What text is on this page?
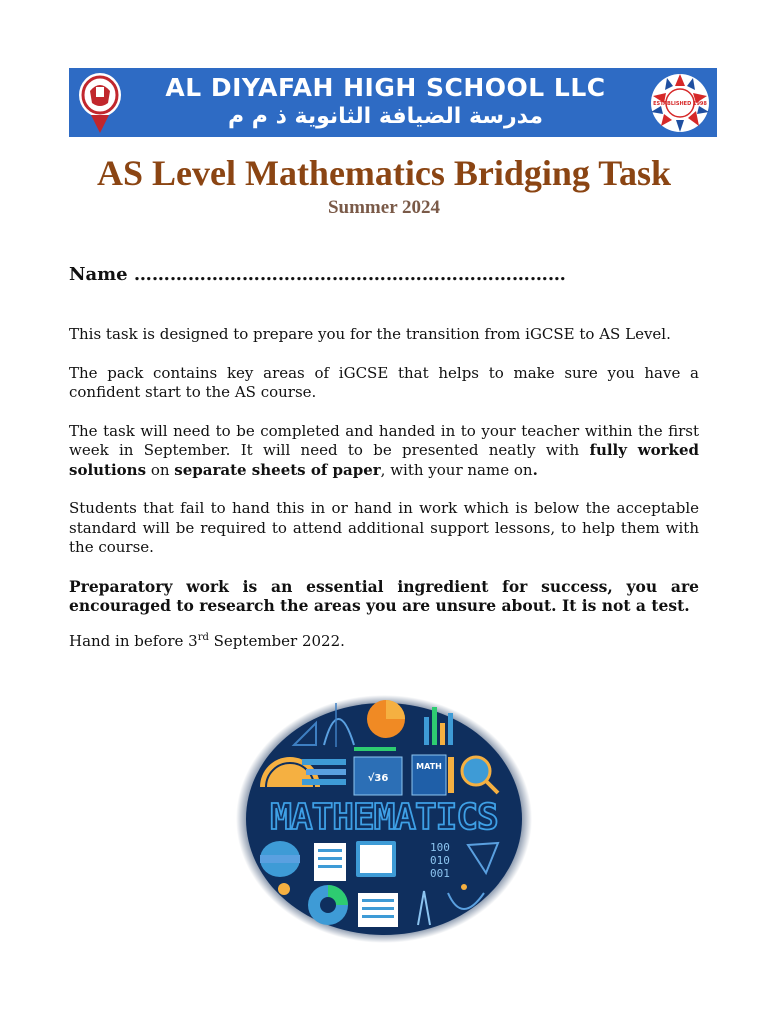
AL DIYAFAH HIGH SCHOOL LLC
مدرسة الضيافة الثانوية ذ م م	ESTABLISHED 1998
AS Level Mathematics Bridging Task
Summer 2024
Name ………………………………………………………………

This task is designed to prepare you for the transition from iGCSE to AS Level.

The pack contains key areas of iGCSE that helps to make sure you have a confident start to the AS course.

The task will need to be completed and handed in to your teacher within the first week in September. It will need to be presented neatly with fully worked solutions on separate sheets of paper, with your name on.

Students that fail to hand this in or hand in work which is below the acceptable standard will be required to attend additional support lessons, to help them with the course.

Preparatory work is an essential ingredient for success, you are encouraged to research the areas you are unsure about. It is not a test.

Hand in before 3rd September 2022.

√36
MATH
MATHEMATICS
100
010
001
